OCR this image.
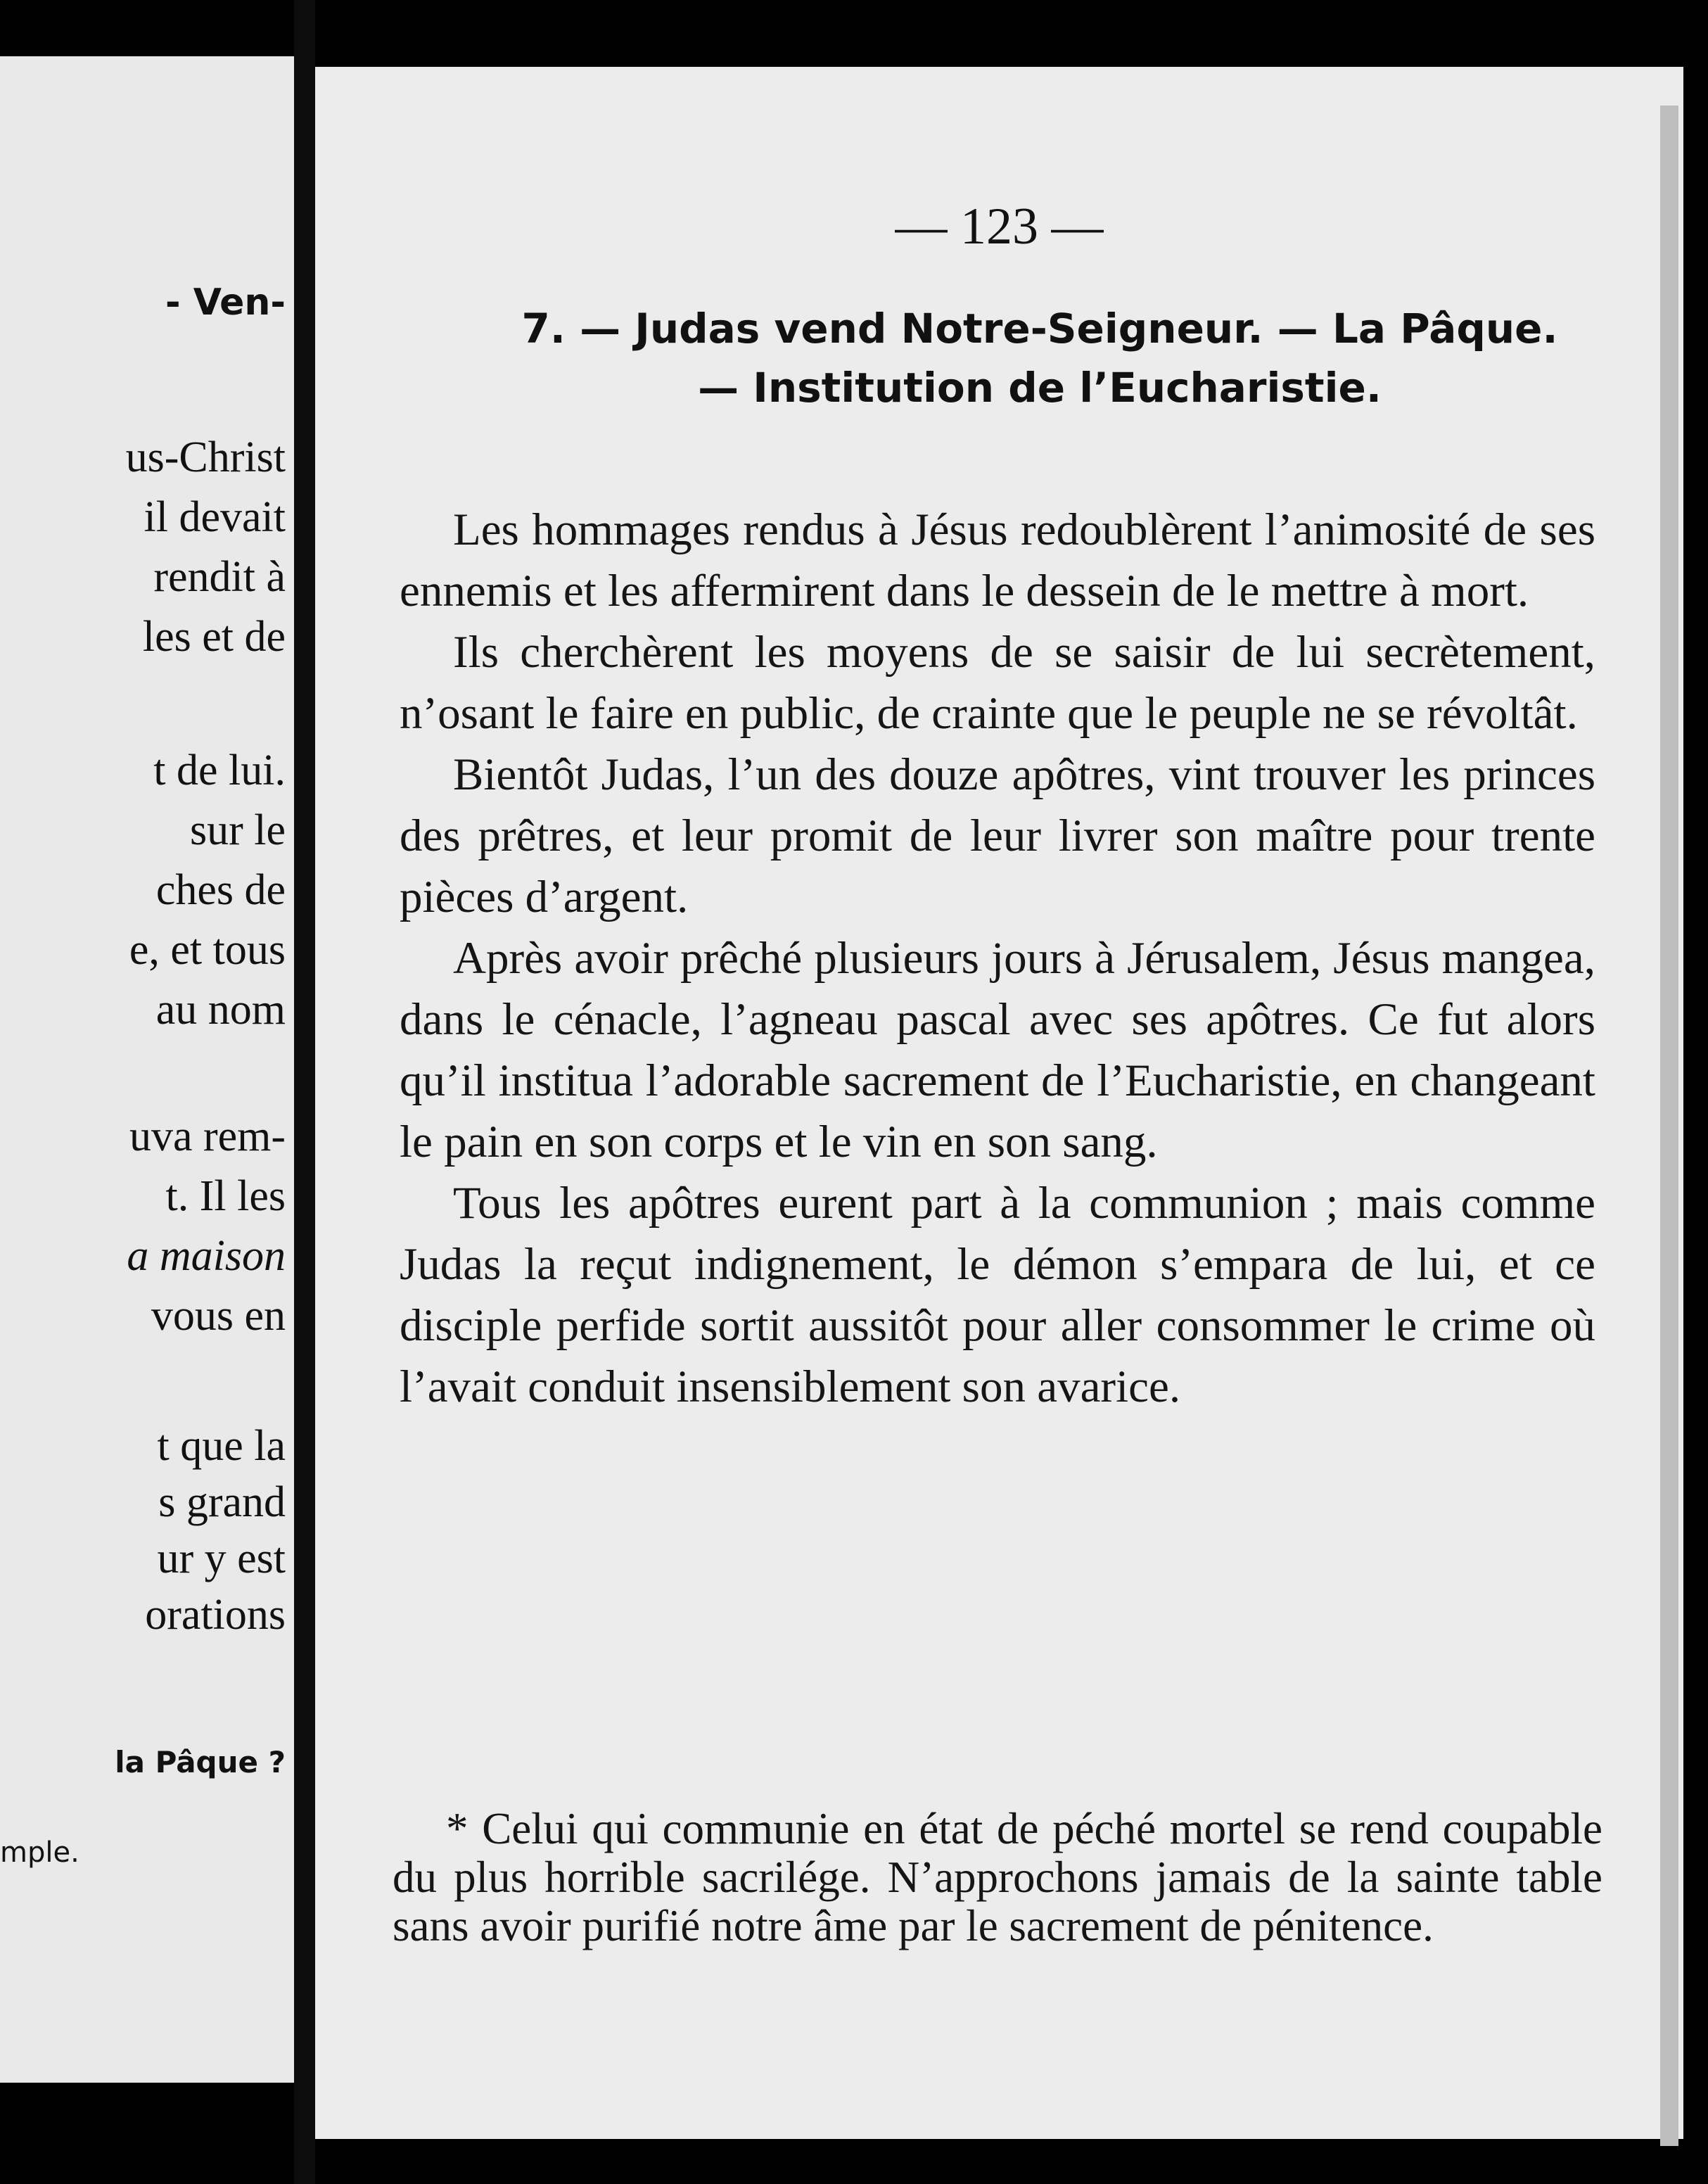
- Ven-
us-Christ
il devait
rendit à
les et de
t de lui.
sur le
ches de
e, et tous
au nom
uva rem-
t. Il les
a maison
vous en
t que la
s grand
ur y est
orations
la Pâque ?
mple.
— 123 —
7. — Judas vend Notre-Seigneur. — La Pâque.
— Institution de l’Eucharistie.

Les hommages rendus à Jésus redoublèrent l’animosité de ses ennemis et les affermirent dans le dessein de le mettre à mort.

Ils cherchèrent les moyens de se saisir de lui secrètement, n’osant le faire en public, de crainte que le peuple ne se révoltât.

Bientôt Judas, l’un des douze apôtres, vint trouver les princes des prêtres, et leur promit de leur livrer son maître pour trente pièces d’argent.

Après avoir prêché plusieurs jours à Jérusalem, Jésus mangea, dans le cénacle, l’agneau pascal avec ses apôtres. Ce fut alors qu’il institua l’adorable sacrement de l’Eucharistie, en changeant le pain en son corps et le vin en son sang.

Tous les apôtres eurent part à la communion ; mais comme Judas la reçut indignement, le démon s’empara de lui, et ce disciple perfide sortit aussitôt pour aller consommer le crime où l’avait conduit insensiblement son avarice.

* Celui qui communie en état de péché mortel se rend coupable du plus horrible sacrilége. N’approchons jamais de la sainte table sans avoir purifié notre âme par le sacrement de pénitence.
